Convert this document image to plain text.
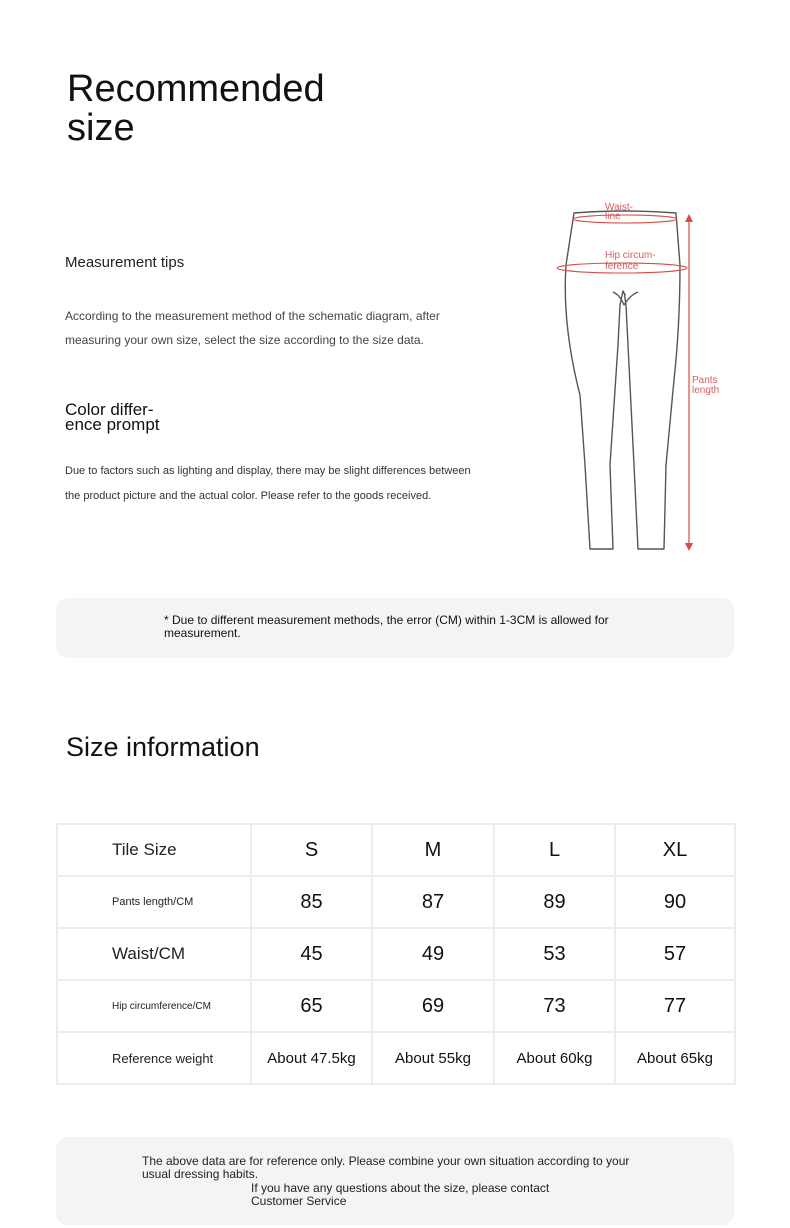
Recommended
size
Measurement tips
According to the measurement method of the schematic diagram, after measuring your own size, select the size according to the size data.
Color differ-
ence prompt
Due to factors such as lighting and display, there may be slight differences between the product picture and the actual color. Please refer to the goods received.
Waist-
line
Hip circum-
ference
Pants
length
* Due to different measurement methods, the error (CM) within 1-3CM is allowed for measurement.
Size information
Tile Size	S	M	L	XL
Pants length/CM	85	87	89	90
Waist/CM	45	49	53	57
Hip circumference/CM	65	69	73	77
Reference weight	About 47.5kg	About 55kg	About 60kg	About 65kg
The above data are for reference only. Please combine your own situation according to your usual dressing habits.
If you have any questions about the size, please contact Customer Service
